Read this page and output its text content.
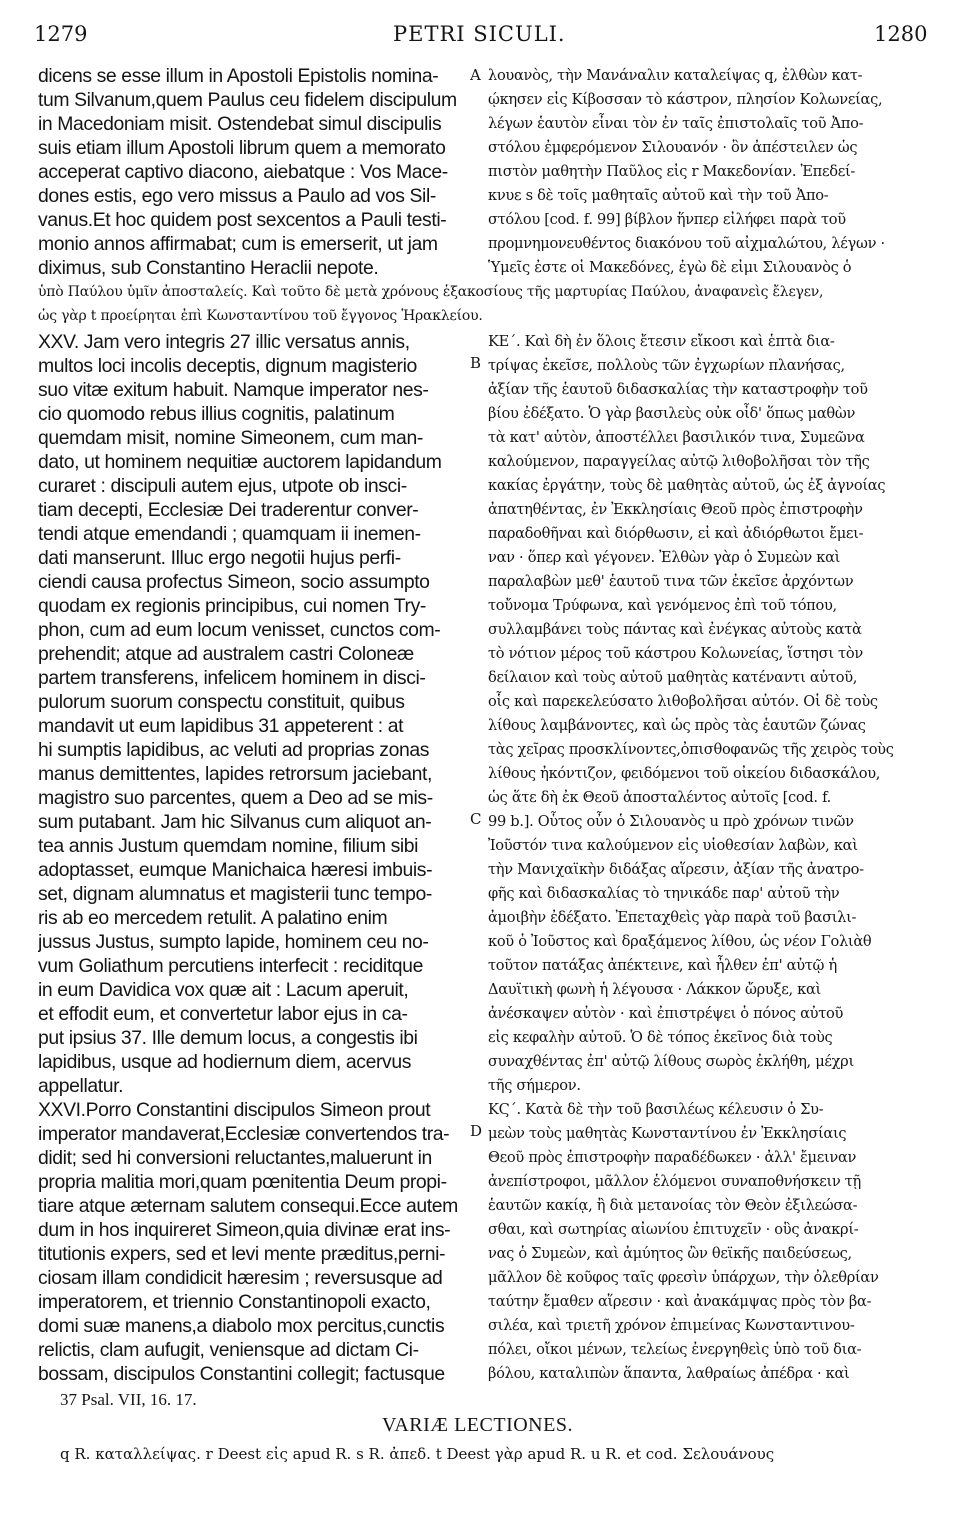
1279	PETRI SICULI.	1280
dicens se esse illum in Apostoli Epistolis nomina-
tum Silvanum,quem Paulus ceu fidelem discipulum
in Macedoniam misit. Ostendebat simul discipulis
suis etiam illum Apostoli librum quem a memorato
acceperat captivo diacono, aiebatque : Vos Mace-
dones estis, ego vero missus a Paulo ad vos Sil-
vanus.Et hoc quidem post sexcentos a Pauli testi-
monio annos affirmabat; cum is emerserit, ut jam
diximus, sub Constantino Heraclii nepote.
λουανὸς, τὴν Μανάναλιν καταλείψας q, ἐλθὼν κατ-
ῴκησεν εἰς Κίβοσσαν τὸ κάστρον, πλησίον Κολωνείας,
λέγων ἑαυτὸν εἶναι τὸν ἐν ταῖς ἐπιστολαῖς τοῦ Ἀπο-
στόλου ἐμφερόμενον Σιλουανόν · ὃν ἀπέστειλεν ὡς
πιστὸν μαθητὴν Παῦλος εἰς r Μακεδονίαν. Ἐπεδεί-
κνυε s δὲ τοῖς μαθηταῖς αὐτοῦ καὶ τὴν τοῦ Ἀπο-
στόλου [cod. f. 99] βίβλον ἥνπερ εἰλήφει παρὰ τοῦ
προμνημονευθέντος διακόνου τοῦ αἰχμαλώτου, λέγων ·
Ὑμεῖς ἐστε οἱ Μακεδόνες, ἐγὼ δὲ εἰμι Σιλουανὸς ὁ
ὑπὸ Παύλου ὑμῖν ἀποσταλείς. Καὶ τοῦτο δὲ μετὰ χρόνους ἑξακοσίους τῆς μαρτυρίας Παύλου, ἀναφανεὶς ἔλεγεν,
ὡς γὰρ t προείρηται ἐπὶ Κωνσταντίνου τοῦ ἔγγονος Ἡρακλείου.
XXV. Jam vero integris 27 illic versatus annis,
multos loci incolis deceptis, dignum magisterio
suo vitæ exitum habuit. Namque imperator nes-
cio quomodo rebus illius cognitis, palatinum
quemdam misit, nomine Simeonem, cum man-
dato, ut hominem nequitiæ auctorem lapidandum
curaret : discipuli autem ejus, utpote ob insci-
tiam decepti, Ecclesiæ Dei traderentur conver-
tendi atque emendandi ; quamquam ii inemen-
dati manserunt. Illuc ergo negotii hujus perfi-
ciendi causa profectus Simeon, socio assumpto
quodam ex regionis principibus, cui nomen Try-
phon, cum ad eum locum venisset, cunctos com-
prehendit; atque ad australem castri Coloneæ
partem transferens, infelicem hominem in disci-
pulorum suorum conspectu constituit, quibus
mandavit ut eum lapidibus 31 appeterent : at
hi sumptis lapidibus, ac veluti ad proprias zonas
manus demittentes, lapides retrorsum jaciebant,
magistro suo parcentes, quem a Deo ad se mis-
sum putabant. Jam hic Silvanus cum aliquot an-
tea annis Justum quemdam nomine, filium sibi
adoptasset, eumque Manichaica hæresi imbuis-
set, dignam alumnatus et magisterii tunc tempo-
ris ab eo mercedem retulit. A palatino enim
jussus Justus, sumpto lapide, hominem ceu no-
vum Goliathum percutiens interfecit : reciditque
in eum Davidica vox quæ ait : Lacum aperuit,
et effodit eum, et convertetur labor ejus in ca-
put ipsius 37. Ille demum locus, a congestis ibi
lapidibus, usque ad hodiernum diem, acervus
appellatur.
XXVI.Porro Constantini discipulos Simeon prout
imperator mandaverat,Ecclesiæ convertendos tra-
didit; sed hi conversioni reluctantes,maluerunt in
propria malitia mori,quam pœnitentia Deum propi-
tiare atque æternam salutem consequi.Ecce autem
dum in hos inquireret Simeon,quia divinæ erat ins-
titutionis expers, sed et levi mente præditus,perni-
ciosam illam condidicit hæresim ; reversusque ad
imperatorem, et triennio Constantinopoli exacto,
domi suæ manens,a diabolo mox percitus,cunctis
relictis, clam aufugit, veniensque ad dictam Ci-
bossam, discipulos Constantini collegit; factusque
ΚΕ΄. Καὶ δὴ ἐν ὅλοις ἔτεσιν εἴκοσι καὶ ἑπτὰ δια-
τρίψας ἐκεῖσε, πολλοὺς τῶν ἐγχωρίων πλανήσας,
ἀξίαν τῆς ἑαυτοῦ διδασκαλίας τὴν καταστροφὴν τοῦ
βίου ἐδέξατο. Ὁ γὰρ βασιλεὺς οὐκ οἶδ' ὅπως μαθὼν
τὰ κατ' αὐτὸν, ἀποστέλλει βασιλικόν τινα, Συμεῶνα
καλούμενον, παραγγείλας αὐτῷ λιθοβολῆσαι τὸν τῆς
κακίας ἐργάτην, τοὺς δὲ μαθητὰς αὐτοῦ, ὡς ἐξ ἀγνοίας
ἀπατηθέντας, ἐν Ἐκκλησίαις Θεοῦ πρὸς ἐπιστροφὴν
παραδοθῆναι καὶ διόρθωσιν, εἰ καὶ ἀδιόρθωτοι ἔμει-
ναν · ὅπερ καὶ γέγονεν. Ἐλθὼν γὰρ ὁ Συμεὼν καὶ
παραλαβὼν μεθ' ἑαυτοῦ τινα τῶν ἐκεῖσε ἀρχόντων
τοὔνομα Τρύφωνα, καὶ γενόμενος ἐπὶ τοῦ τόπου,
συλλαμβάνει τοὺς πάντας καὶ ἐνέγκας αὐτοὺς κατὰ
τὸ νότιον μέρος τοῦ κάστρου Κολωνείας, ἵστησι τὸν
δείλαιον καὶ τοὺς αὐτοῦ μαθητὰς κατέναντι αὐτοῦ,
οἷς καὶ παρεκελεύσατο λιθοβολῆσαι αὐτόν. Οἱ δὲ τοὺς
λίθους λαμβάνοντες, καὶ ὡς πρὸς τὰς ἑαυτῶν ζώνας
τὰς χεῖρας προσκλίνοντες,ὀπισθοφανῶς τῆς χειρὸς τοὺς
λίθους ἠκόντιζον, φειδόμενοι τοῦ οἰκείου διδασκάλου,
ὡς ἅτε δὴ ἐκ Θεοῦ ἀποσταλέντος αὐτοῖς [cod. f.
99 b.]. Οὗτος οὖν ὁ Σιλουανὸς u πρὸ χρόνων τινῶν
Ἰοῦστόν τινα καλούμενον εἰς υἱοθεσίαν λαβὼν, καὶ
τὴν Μανιχαϊκὴν διδάξας αἵρεσιν, ἀξίαν τῆς ἀνατρο-
φῆς καὶ διδασκαλίας τὸ τηνικάδε παρ' αὐτοῦ τὴν
ἀμοιβὴν ἐδέξατο. Ἐπεταχθεὶς γὰρ παρὰ τοῦ βασιλι-
κοῦ ὁ Ἰοῦστος καὶ δραξάμενος λίθου, ὡς νέον Γολιὰθ
τοῦτον πατάξας ἀπέκτεινε, καὶ ἦλθεν ἐπ' αὐτῷ ἡ
Δαυϊτικὴ φωνὴ ἡ λέγουσα · Λάκκον ὤρυξε, καὶ
ἀνέσκαψεν αὐτὸν · καὶ ἐπιστρέψει ὁ πόνος αὐτοῦ
εἰς κεφαλὴν αὐτοῦ. Ὁ δὲ τόπος ἐκεῖνος διὰ τοὺς
συναχθέντας ἐπ' αὐτῷ λίθους σωρὸς ἐκλήθη, μέχρι
τῆς σήμερον.
ΚϚ΄. Κατὰ δὲ τὴν τοῦ βασιλέως κέλευσιν ὁ Συ-
μεὼν τοὺς μαθητὰς Κωνσταντίνου ἐν Ἐκκλησίαις
Θεοῦ πρὸς ἐπιστροφὴν παραδέδωκεν · ἀλλ' ἔμειναν
ἀνεπίστροφοι, μᾶλλον ἑλόμενοι συναποθνήσκειν τῇ
ἑαυτῶν κακίᾳ, ἢ διὰ μετανοίας τὸν Θεὸν ἐξιλεώσα-
σθαι, καὶ σωτηρίας αἰωνίου ἐπιτυχεῖν · οὓς ἀνακρί-
νας ὁ Συμεὼν, καὶ ἀμύητος ὢν θεϊκῆς παιδεύσεως,
μᾶλλον δὲ κοῦφος ταῖς φρεσὶν ὑπάρχων, τὴν ὀλεθρίαν
ταύτην ἔμαθεν αἵρεσιν · καὶ ἀνακάμψας πρὸς τὸν βα-
σιλέα, καὶ τριετῆ χρόνον ἐπιμείνας Κωνσταντινου-
πόλει, οἴκοι μένων, τελείως ἐνεργηθεὶς ὑπὸ τοῦ δια-
βόλου, καταλιπὼν ἅπαντα, λαθραίως ἀπέδρα · καὶ
A
B
C
D
37 Psal. VII, 16. 17.
VARIÆ LECTIONES.
q R. καταλλείψας. r Deest εἰς apud R. s R. ἀπεδ. t Deest γὰρ apud R. u R. et cod. Σελουάνους
